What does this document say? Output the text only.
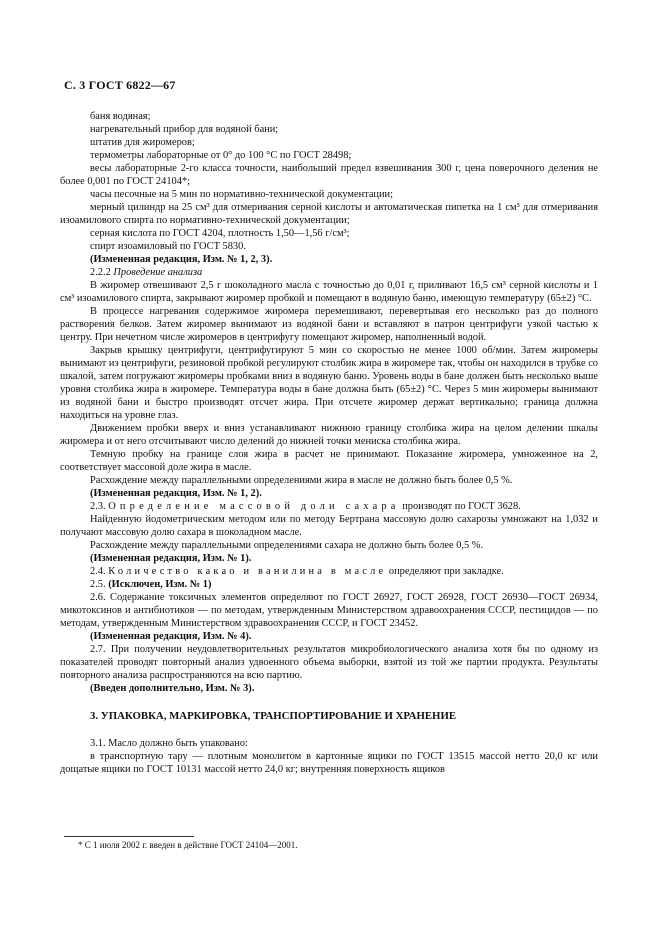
С. 3 ГОСТ 6822—67

баня водяная;

нагревательный прибор для водяной бани;

штатив для жиромеров;

термометры лабораторные от 0° до 100 °С по ГОСТ 28498;

весы лабораторные 2-го класса точности, наибольший предел взвешивания 300 г, цена поверочного деления не более 0,001 по ГОСТ 24104*;

часы песочные на 5 мин по нормативно-технической документации;

мерный цилиндр на 25 см³ для отмеривания серной кислоты и автоматическая пипетка на 1 см³ для отмеривания изоамилового спирта по нормативно-технической документации;

серная кислота по ГОСТ 4204, плотность 1,50—1,56 г/см³;

спирт изоамиловый по ГОСТ 5830.

(Измененная редакция, Изм. № 1, 2, 3).

2.2.2 Проведение анализа

В жиромер отвешивают 2,5 г шоколадного масла с точностью до 0,01 г, приливают 16,5 см³ серной кислоты и 1 см³ изоамилового спирта, закрывают жиромер пробкой и помещают в водяную баню, имеющую температуру (65±2) °С.

В процессе нагревания содержимое жиромера перемешивают, перевертывая его несколько раз до полного растворения белков. Затем жиромер вынимают из водяной бани и вставляют в патрон центрифуги узкой частью к центру. При нечетном числе жиромеров в центрифугу помещают жиромер, наполненный водой.

Закрыв крышку центрифуги, центрифугируют 5 мин со скоростью не менее 1000 об/мин. Затем жиромеры вынимают из центрифуги, резиновой пробкой регулируют столбик жира в жиромере так, чтобы он находился в трубке со шкалой, затем погружают жиромеры пробками вниз в водяную баню. Уровень воды в бане должен быть несколько выше уровня столбика жира в жиромере. Температура воды в бане должна быть (65±2) °С. Через 5 мин жиромеры вынимают из водяной бани и быстро производят отсчет жира. При отсчете жиромер держат вертикально; граница должна находиться на уровне глаз.

Движением пробки вверх и вниз устанавливают нижнюю границу столбика жира на целом делении шкалы жиромера и от него отсчитывают число делений до нижней точки мениска столбика жира.

Темную пробку на границе слоя жира в расчет не принимают. Показание жиромера, умноженное на 2, соответствует массовой доле жира в масле.

Расхождение между параллельными определениями жира в масле не должно быть более 0,5 %.

(Измененная редакция, Изм. № 1, 2).

2.3. Определение массовой доли сахара производят по ГОСТ 3628.

Найденную йодометрическим методом или по методу Бертрана массовую долю сахарозы умножают на 1,032 и получают массовую долю сахара в шоколадном масле.

Расхождение между параллельными определениями сахара не должно быть более 0,5 %.

(Измененная редакция, Изм. № 1).

2.4. Количество какао и ванилина в масле определяют при закладке.

2.5. (Исключен, Изм. № 1)

2.6. Содержание токсичных элементов определяют по ГОСТ 26927, ГОСТ 26928, ГОСТ 26930—ГОСТ 26934, микотоксинов и антибиотиков — по методам, утвержденным Министерством здравоохранения СССР, пестицидов — по методам, утвержденным Министерством здравоохранения СССР, и ГОСТ 23452.

(Измененная редакция, Изм. № 4).

2.7. При получении неудовлетворительных результатов микробиологического анализа хотя бы по одному из показателей проводят повторный анализ удвоенного объема выборки, взятой из той же партии продукта. Результаты повторного анализа распространяются на всю партию.

(Введен дополнительно, Изм. № 3).

3. УПАКОВКА, МАРКИРОВКА, ТРАНСПОРТИРОВАНИЕ И ХРАНЕНИЕ

3.1. Масло должно быть упаковано:

в транспортную тару — плотным монолитом в картонные ящики по ГОСТ 13515 массой нетто 20,0 кг или дощатые ящики по ГОСТ 10131 массой нетто 24,0 кг; внутренняя поверхность ящиков

* С 1 июля 2002 г. введен в действие ГОСТ 24104—2001.
